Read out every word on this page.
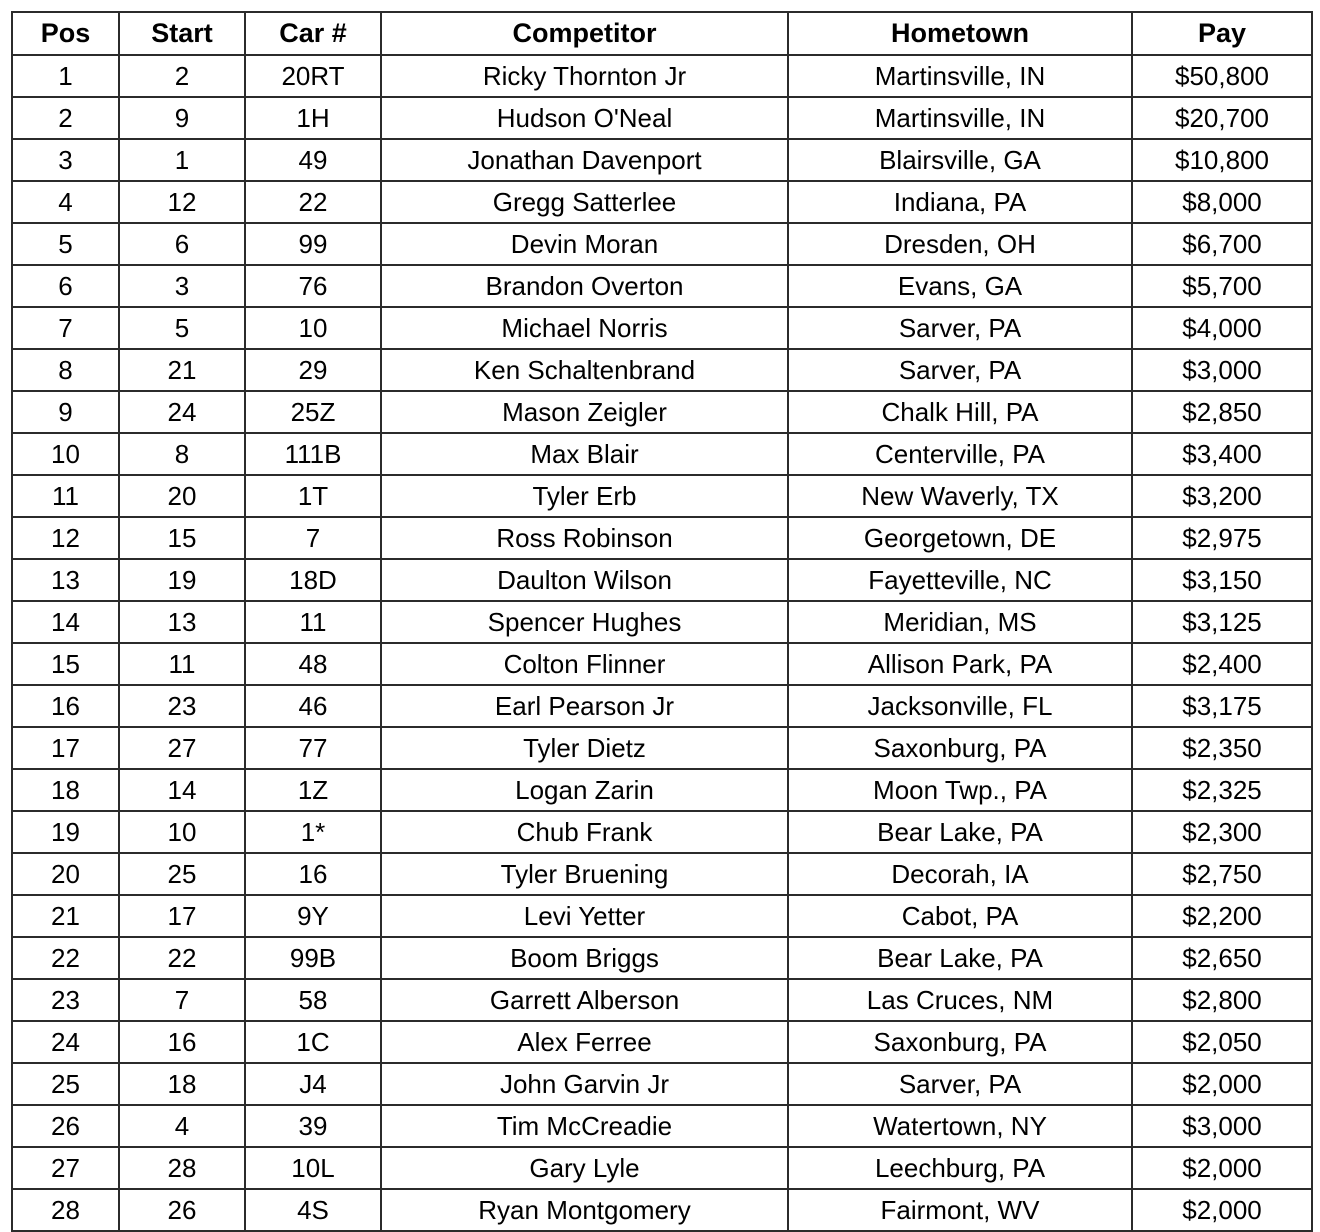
Pos	Start	Car #	Competitor	Hometown	Pay
1	2	20RT	Ricky Thornton Jr	Martinsville, IN	$50,800
2	9	1H	Hudson O'Neal	Martinsville, IN	$20,700
3	1	49	Jonathan Davenport	Blairsville, GA	$10,800
4	12	22	Gregg Satterlee	Indiana, PA	$8,000
5	6	99	Devin Moran	Dresden, OH	$6,700
6	3	76	Brandon Overton	Evans, GA	$5,700
7	5	10	Michael Norris	Sarver, PA	$4,000
8	21	29	Ken Schaltenbrand	Sarver, PA	$3,000
9	24	25Z	Mason Zeigler	Chalk Hill, PA	$2,850
10	8	111B	Max Blair	Centerville, PA	$3,400
11	20	1T	Tyler Erb	New Waverly, TX	$3,200
12	15	7	Ross Robinson	Georgetown, DE	$2,975
13	19	18D	Daulton Wilson	Fayetteville, NC	$3,150
14	13	11	Spencer Hughes	Meridian, MS	$3,125
15	11	48	Colton Flinner	Allison Park, PA	$2,400
16	23	46	Earl Pearson Jr	Jacksonville, FL	$3,175
17	27	77	Tyler Dietz	Saxonburg, PA	$2,350
18	14	1Z	Logan Zarin	Moon Twp., PA	$2,325
19	10	1*	Chub Frank	Bear Lake, PA	$2,300
20	25	16	Tyler Bruening	Decorah, IA	$2,750
21	17	9Y	Levi Yetter	Cabot, PA	$2,200
22	22	99B	Boom Briggs	Bear Lake, PA	$2,650
23	7	58	Garrett Alberson	Las Cruces, NM	$2,800
24	16	1C	Alex Ferree	Saxonburg, PA	$2,050
25	18	J4	John Garvin Jr	Sarver, PA	$2,000
26	4	39	Tim McCreadie	Watertown, NY	$3,000
27	28	10L	Gary Lyle	Leechburg, PA	$2,000
28	26	4S	Ryan Montgomery	Fairmont, WV	$2,000
